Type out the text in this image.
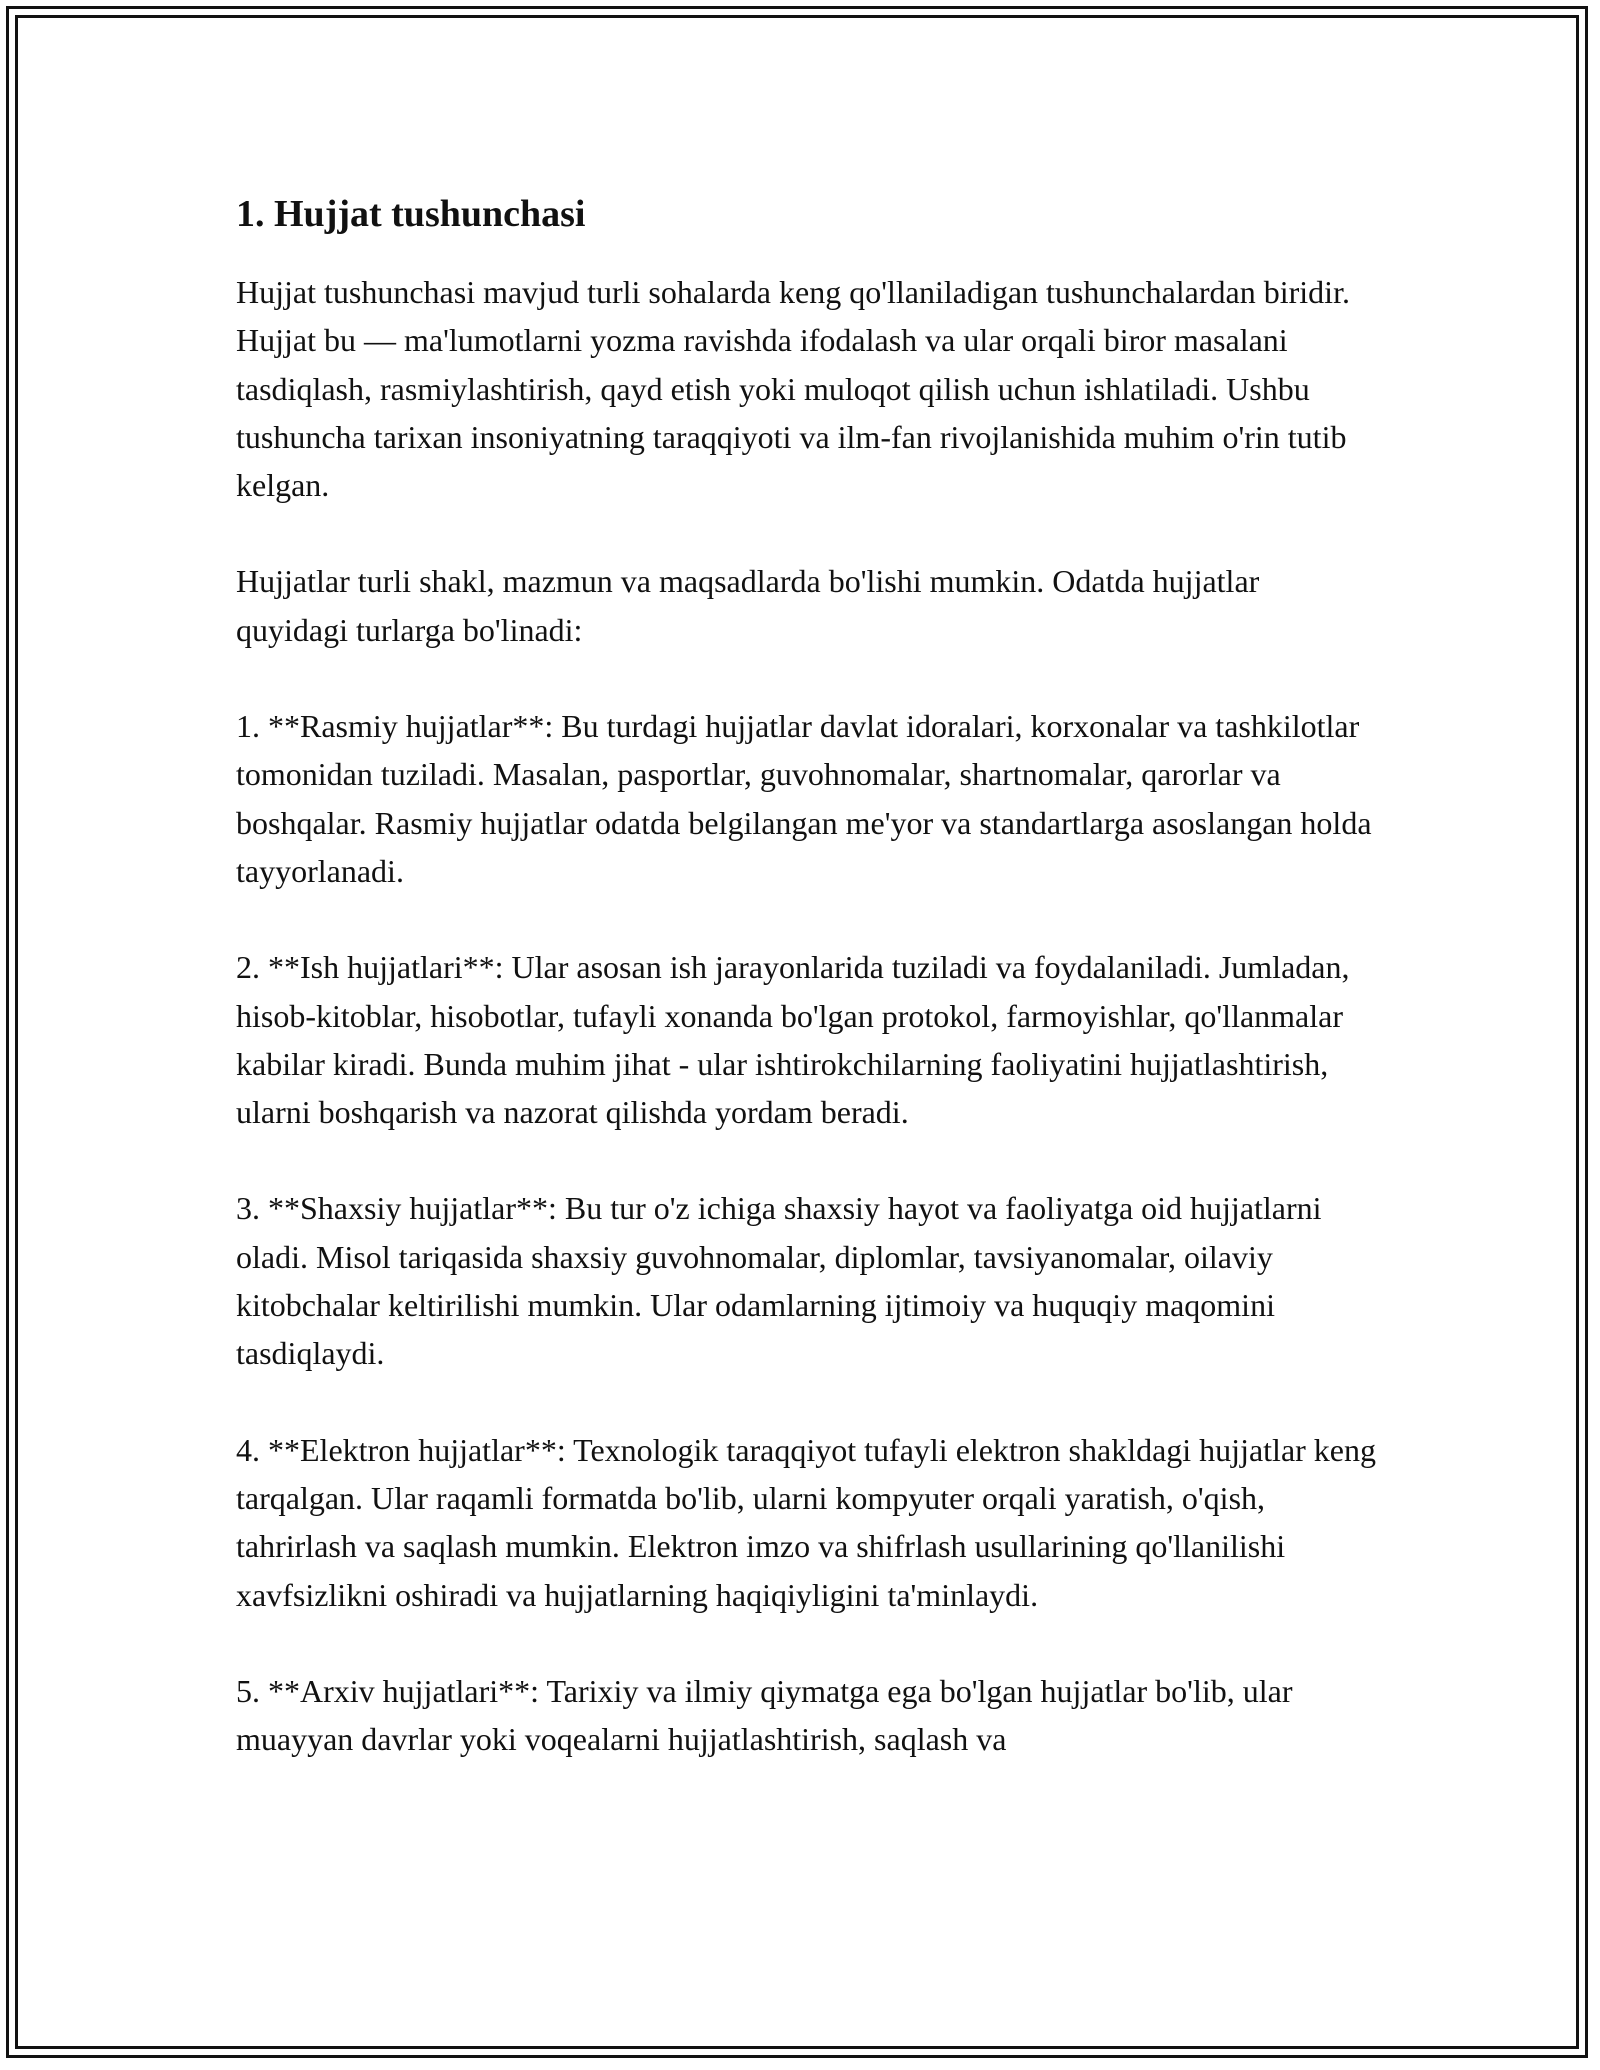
1. Hujjat tushunchasi

Hujjat tushunchasi mavjud turli sohalarda keng qo'llaniladigan tushunchalardan biridir. Hujjat bu — ma'lumotlarni yozma ravishda ifodalash va ular orqali biror masalani tasdiqlash, rasmiylashtirish, qayd etish yoki muloqot qilish uchun ishlatiladi. Ushbu tushuncha tarixan insoniyatning taraqqiyoti va ilm-fan rivojlanishida muhim o'rin tutib kelgan.

Hujjatlar turli shakl, mazmun va maqsadlarda bo'lishi mumkin. Odatda hujjatlar quyidagi turlarga bo'linadi:

1. **Rasmiy hujjatlar**: Bu turdagi hujjatlar davlat idoralari, korxonalar va tashkilotlar tomonidan tuziladi. Masalan, pasportlar, guvohnomalar, shartnomalar, qarorlar va boshqalar. Rasmiy hujjatlar odatda belgilangan me'yor va standartlarga asoslangan holda tayyorlanadi.

2. **Ish hujjatlari**: Ular asosan ish jarayonlarida tuziladi va foydalaniladi. Jumladan, hisob-kitoblar, hisobotlar, tufayli xonanda bo'lgan protokol, farmoyishlar, qo'llanmalar kabilar kiradi. Bunda muhim jihat - ular ishtirokchilarning faoliyatini hujjatlashtirish, ularni boshqarish va nazorat qilishda yordam beradi.

3. **Shaxsiy hujjatlar**: Bu tur o'z ichiga shaxsiy hayot va faoliyatga oid hujjatlarni oladi. Misol tariqasida shaxsiy guvohnomalar, diplomlar, tavsiyanomalar, oilaviy kitobchalar keltirilishi mumkin. Ular odamlarning ijtimoiy va huquqiy maqomini tasdiqlaydi.

4. **Elektron hujjatlar**: Texnologik taraqqiyot tufayli elektron shakldagi hujjatlar keng tarqalgan. Ular raqamli formatda bo'lib, ularni kompyuter orqali yaratish, o'qish, tahrirlash va saqlash mumkin. Elektron imzo va shifrlash usullarining qo'llanilishi xavfsizlikni oshiradi va hujjatlarning haqiqiyligini ta'minlaydi.

5. **Arxiv hujjatlari**: Tarixiy va ilmiy qiymatga ega bo'lgan hujjatlar bo'lib, ular muayyan davrlar yoki voqealarni hujjatlashtirish, saqlash va
